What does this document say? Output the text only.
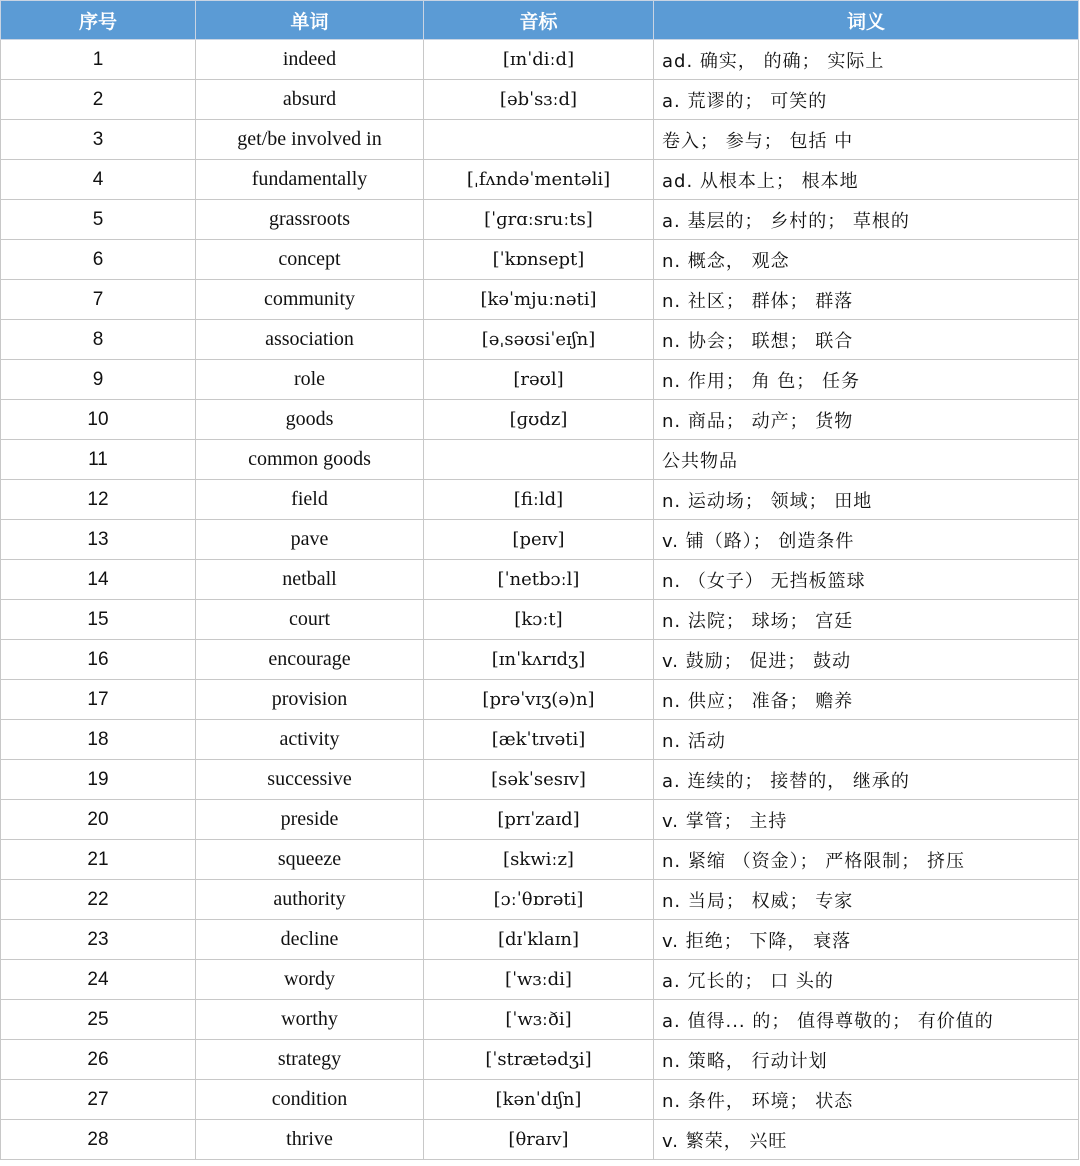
序号	单词	音标	词义
1	indeed	[ɪnˈdiːd]	ad. 确实， 的确； 实际上
2	absurd	[əbˈsɜːd]	a. 荒谬的； 可笑的
3	get/be involved in		卷入； 参与； 包括 中
4	fundamentally	[ˌfʌndəˈmentəli]	ad. 从根本上； 根本地
5	grassroots	[ˈɡrɑːsruːts]	a. 基层的； 乡村的； 草根的
6	concept	[ˈkɒnsept]	n. 概念， 观念
7	community	[kəˈmjuːnəti]	n. 社区； 群体； 群落
8	association	[əˌsəʊsiˈeɪʃn]	n. 协会； 联想； 联合
9	role	[rəʊl]	n. 作用； 角 色； 任务
10	goods	[ɡʊdz]	n. 商品； 动产； 货物
11	common goods		公共物品
12	field	[fiːld]	n. 运动场； 领域； 田地
13	pave	[peɪv]	v. 铺（路）； 创造条件
14	netball	[ˈnetbɔːl]	n. （女子） 无挡板篮球
15	court	[kɔːt]	n. 法院； 球场； 宫廷
16	encourage	[ɪnˈkʌrɪdʒ]	v. 鼓励； 促进； 鼓动
17	provision	[prəˈvɪʒ(ə)n]	n. 供应； 准备； 赡养
18	activity	[ækˈtɪvəti]	n. 活动
19	successive	[səkˈsesɪv]	a. 连续的； 接替的， 继承的
20	preside	[prɪˈzaɪd]	v. 掌管； 主持
21	squeeze	[skwiːz]	n. 紧缩 （资金）； 严格限制； 挤压
22	authority	[ɔːˈθɒrəti]	n. 当局； 权威； 专家
23	decline	[dɪˈklaɪn]	v. 拒绝； 下降， 衰落
24	wordy	[ˈwɜːdi]	a. 冗长的； 口 头的
25	worthy	[ˈwɜːði]	a. 值得... 的； 值得尊敬的； 有价值的
26	strategy	[ˈstrætədʒi]	n. 策略， 行动计划
27	condition	[kənˈdɪʃn]	n. 条件， 环境； 状态
28	thrive	[θraɪv]	v. 繁荣， 兴旺
